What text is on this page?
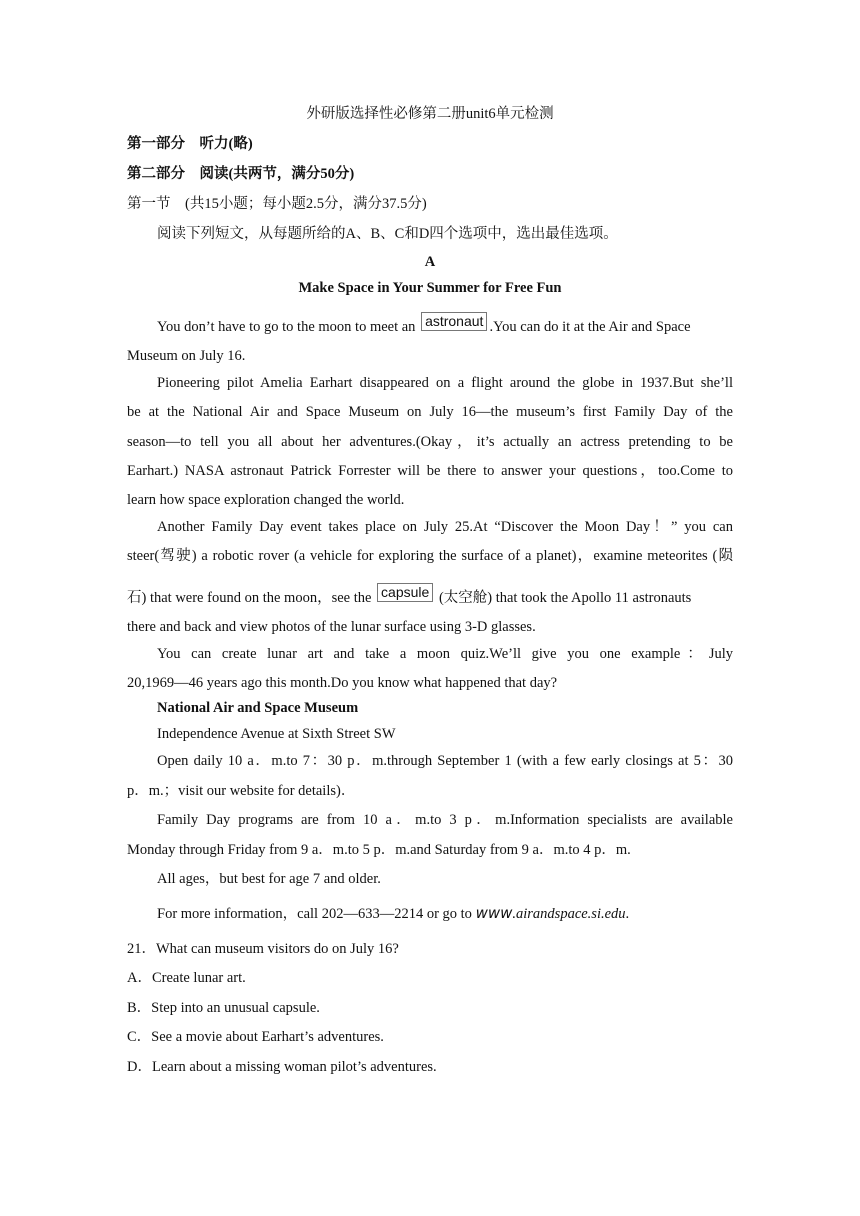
外研版选择性必修第二册unit6单元检测
第一部分　听力(略)
第二部分　阅读(共两节，满分50分)
第一节　(共15小题；每小题2.5分，满分37.5分)
阅读下列短文，从每题所给的A、B、C和D四个选项中，选出最佳选项。
A
Make Space in Your Summer for Free Fun
You don’t have to go to the moon to meet an astronaut .You can do it at the Air and Space
Museum on July 16.
Pioneering pilot Amelia Earhart disappeared on a flight around the globe in 1937.But she’ll
be at the National Air and Space Museum on July 16—the museum’s first Family Day of the
season—to tell you all about her adventures.(Okay，it’s actually an actress pretending to be
Earhart.) NASA astronaut Patrick Forrester will be there to answer your questions，too.Come to
learn how space exploration changed the world.
Another Family Day event takes place on July 25.At “Discover the Moon Day！” you can
steer(驾驶) a robotic rover (a vehicle for exploring the surface of a planet)，examine meteorites (陨
石) that were found on the moon，see the capsule (太空舱) that took the Apollo 11 astronauts
there and back and view photos of the lunar surface using 3-D glasses.
You can create lunar art and take a moon quiz.We’ll give you one example：July
20,1969—46 years ago this month.Do you know what happened that day?
National Air and Space Museum
Independence Avenue at Sixth Street SW
Open daily 10 a．m.to 7：30 p．m.through September 1 (with a few early closings at 5：30
p．m.；visit our website for details)．
Family Day programs are from 10 a．m.to 3 p．m.Information specialists are available
Monday through Friday from 9 a．m.to 5 p．m.and Saturday from 9 a．m.to 4 p．m.
All ages，but best for age 7 and older.
For more information，call 202—633—2214 or go to www.airandspace.si.edu.
21．What can museum visitors do on July 16?
A．Create lunar art.
B．Step into an unusual capsule.
C．See a movie about Earhart’s adventures.
D．Learn about a missing woman pilot’s adventures.
